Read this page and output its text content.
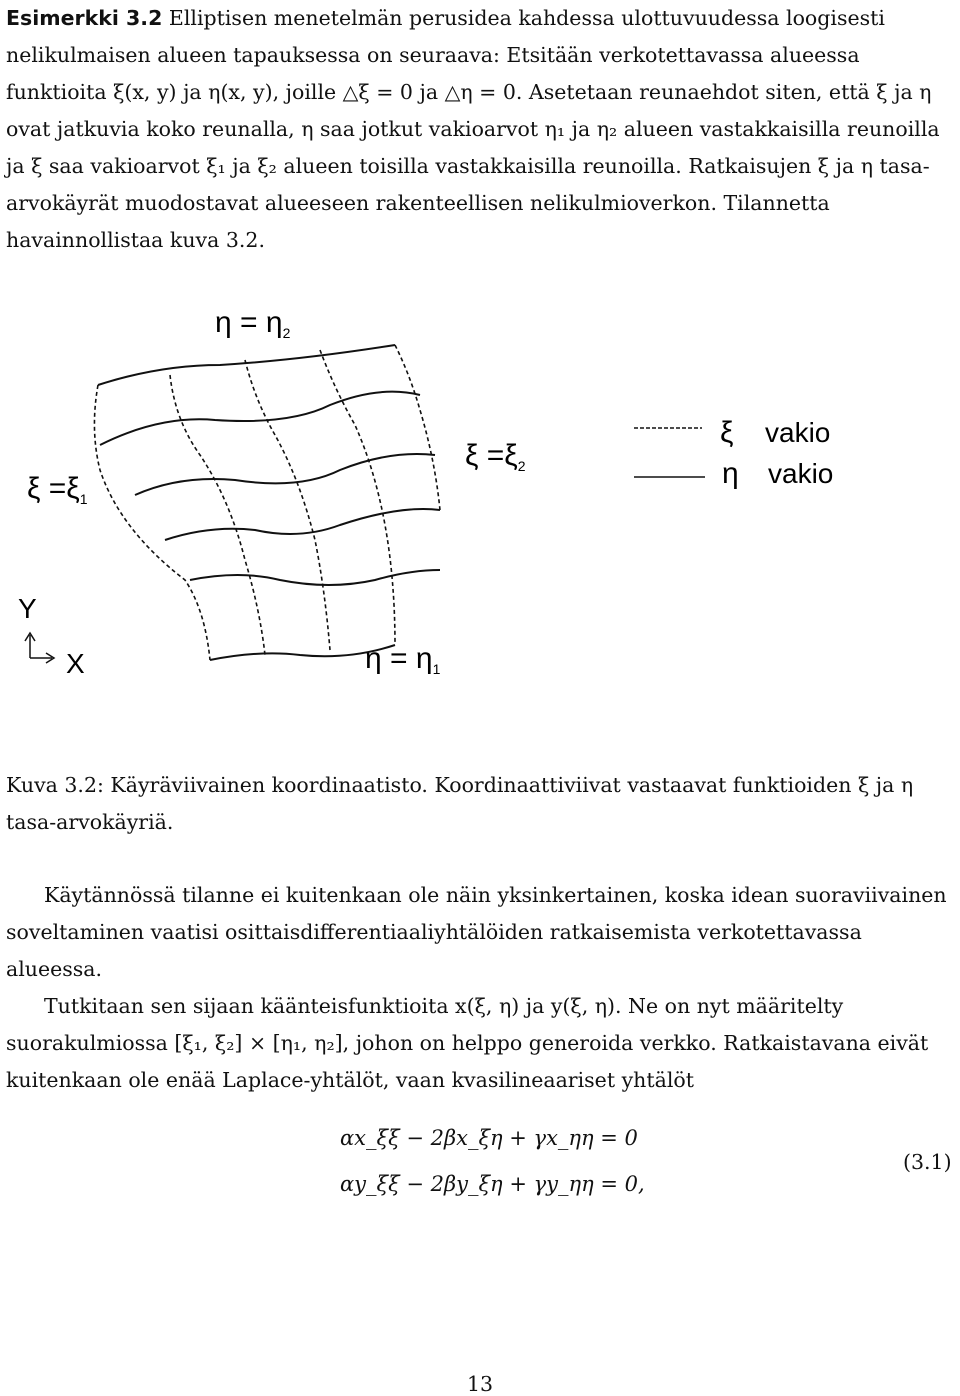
Esimerkki 3.2 Elliptisen menetelmän perusidea kahdessa ulottuvuudessa loogisesti nelikulmaisen alueen tapauksessa on seuraava: Etsitään verkotettavassa alueessa funktioita ξ(x, y) ja η(x, y), joille △ξ = 0 ja △η = 0. Asetetaan reunaehdot siten, että ξ ja η ovat jatkuvia koko reunalla, η saa jotkut vakioarvot η₁ ja η₂ alueen vastakkaisilla reunoilla ja ξ saa vakioarvot ξ₁ ja ξ₂ alueen toisilla vastakkaisilla reunoilla. Ratkaisujen ξ ja η tasa-arvokäyrät muodostavat alueeseen rakenteellisen nelikulmioverkon. Tilannetta havainnollistaa kuva 3.2.

$\eta = \eta_2$
$\xi =\xi_1$
$\xi =\xi_2$
$\eta = \eta_1$
ξ vakio
η vakio
Y
X

Kuva 3.2: Käyräviivainen koordinaatisto. Koordinaattiviivat vastaavat funktioiden ξ ja η tasa-arvokäyriä.

Käytännössä tilanne ei kuitenkaan ole näin yksinkertainen, koska idean suoraviivainen soveltaminen vaatisi osittaisdifferentiaaliyhtälöiden ratkaisemista verkotettavassa alueessa.

Tutkitaan sen sijaan käänteisfunktioita x(ξ, η) ja y(ξ, η). Ne on nyt määritelty suorakulmiossa [ξ₁, ξ₂] × [η₁, η₂], johon on helppo generoida verkko. Ratkaistavana eivät kuitenkaan ole enää Laplace-yhtälöt, vaan kvasilineaariset yhtälöt

αx_ξξ − 2βx_ξη + γx_ηη = 0
αy_ξξ − 2βy_ξη + γy_ηη = 0,
(3.1)
13
